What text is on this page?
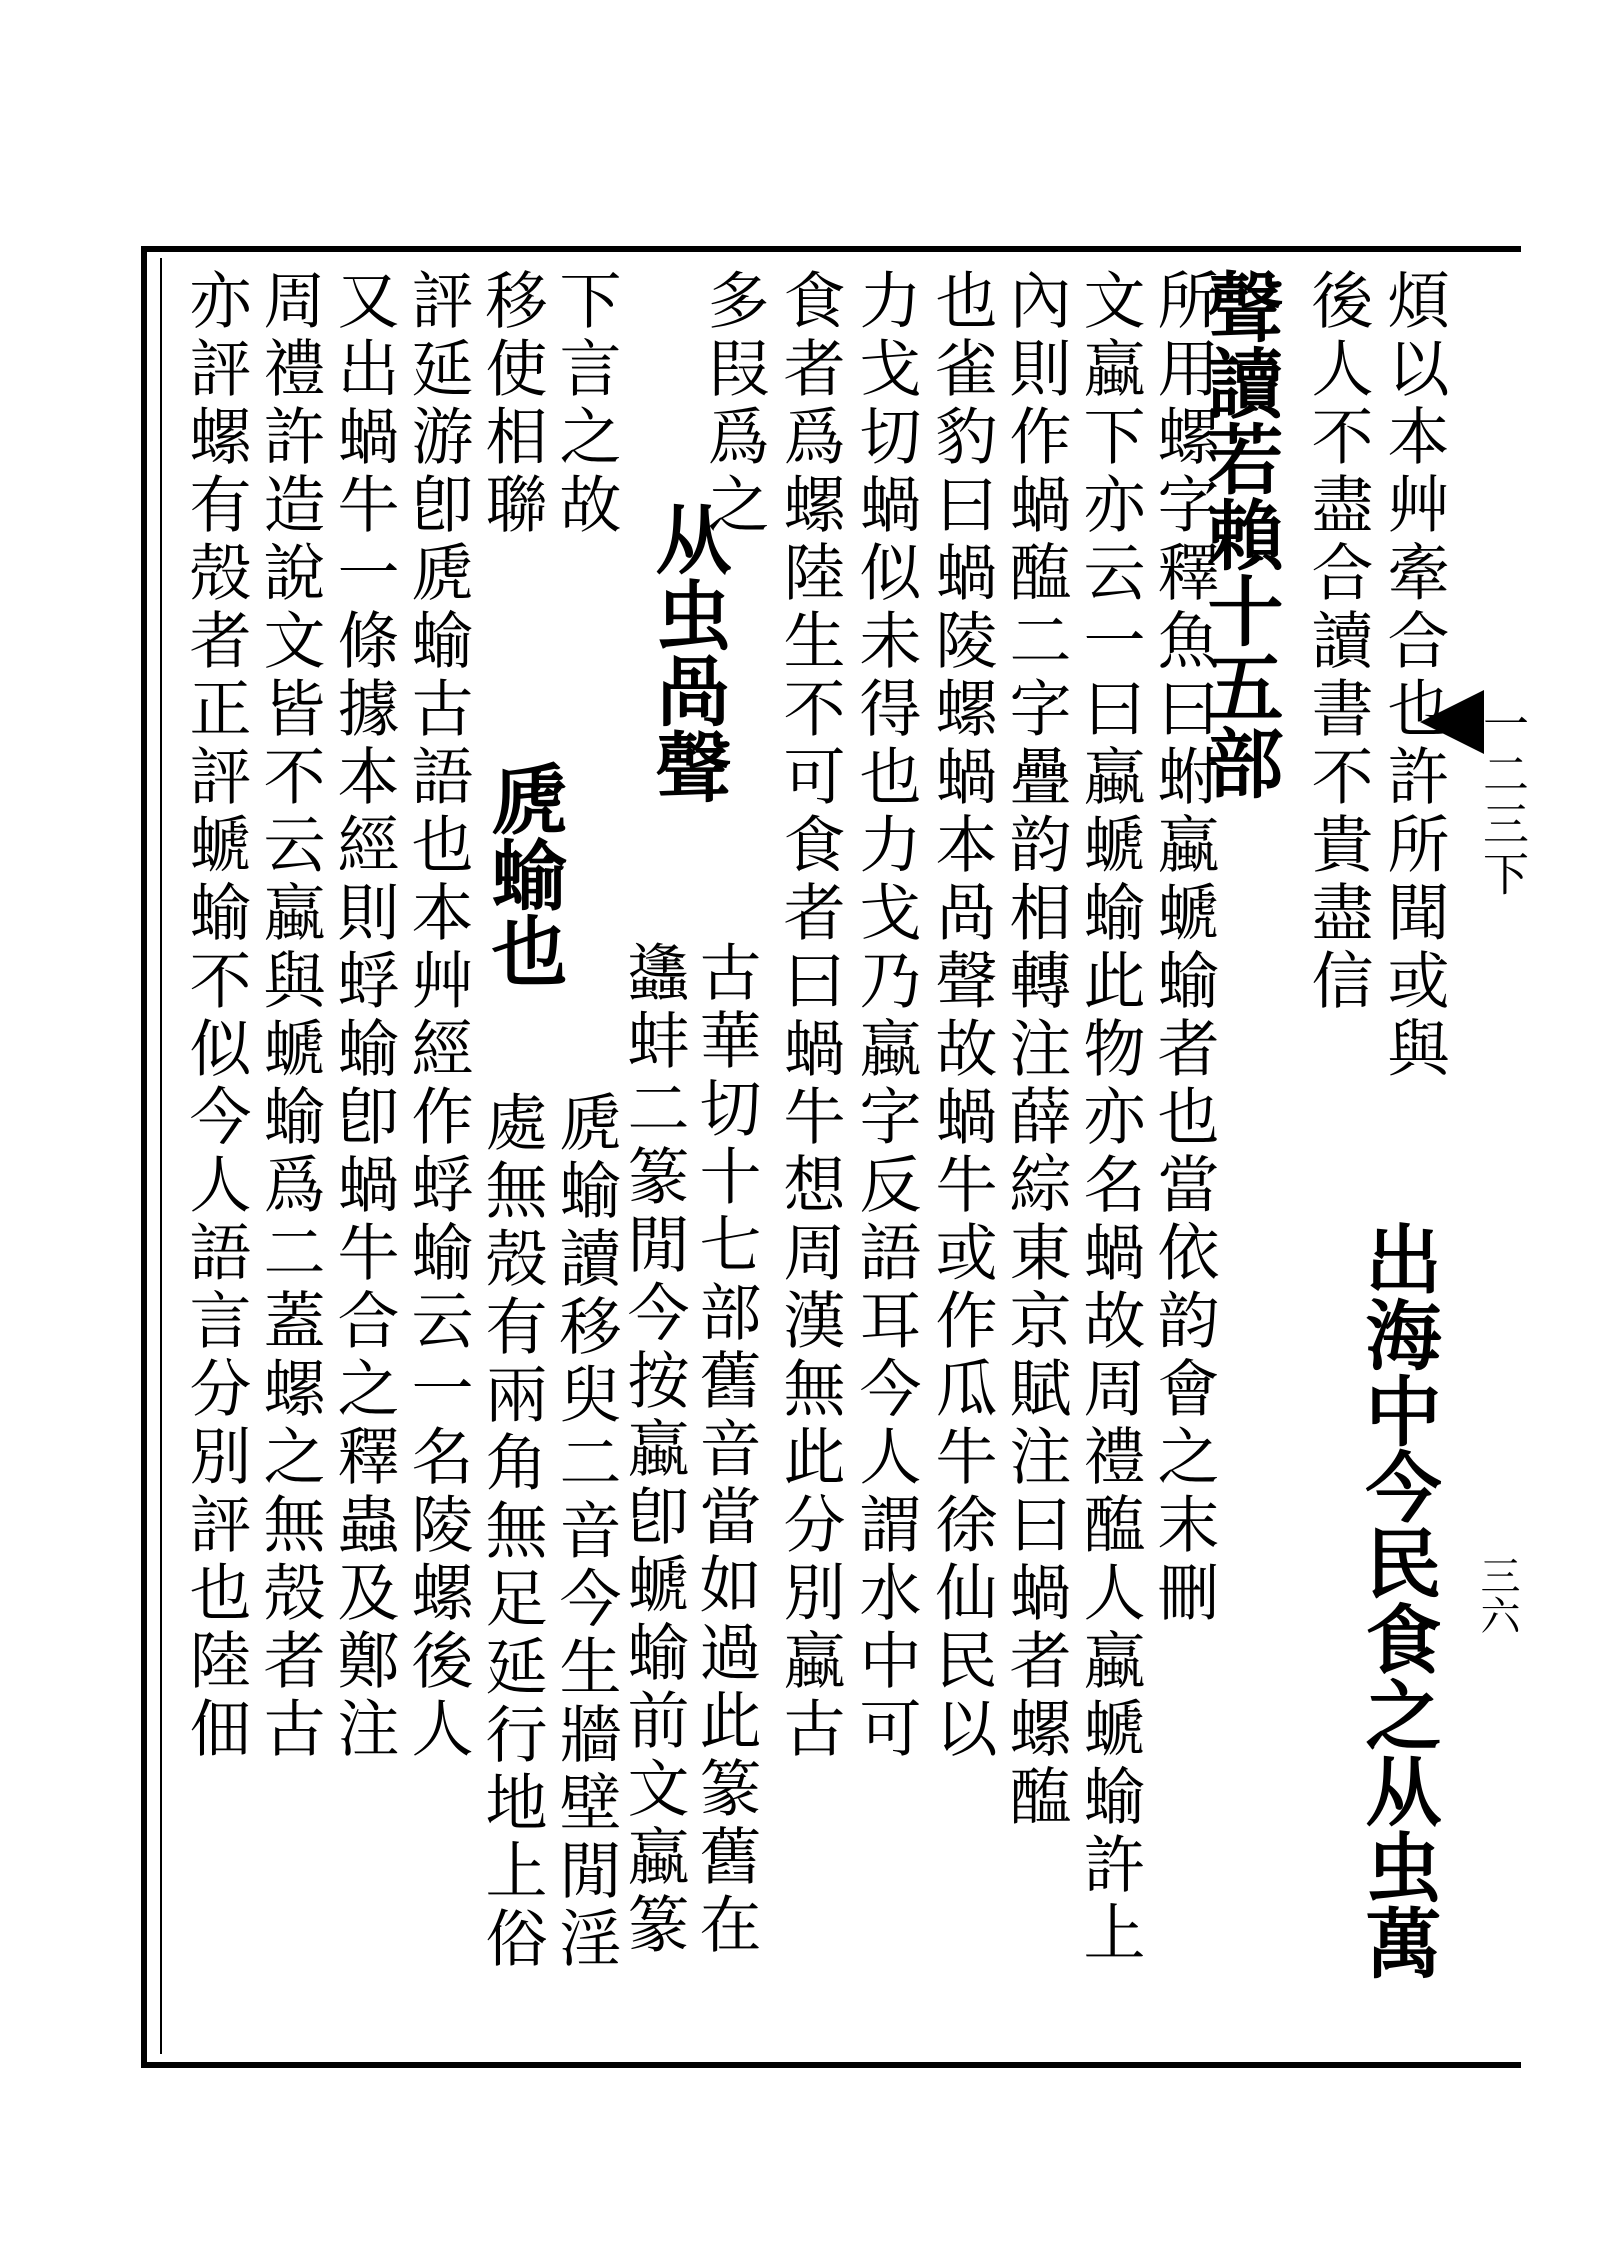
煩以本艸牽合也許所聞或與
後人不盡合讀書不貴盡信
聲讀若賴十五部
所用螺字釋魚曰蚹蠃螔蝓者也當依韵會之末刪
文蠃下亦云一曰蠃螔蝓此物亦名蝸故周禮醢人蠃螔蝓許上
內則作蝸醢二字疊韵相轉注薛綜東京賦注曰蝸者螺醢
也雀豹曰蝸陵螺蝸本咼聲故蝸牛或作瓜牛徐仙民以
力戈切蝸似未得也力戈乃蠃字反語耳今人謂水中可
食者爲螺陸生不可食者曰蝸牛想周漢無此分別蠃古	出海中今民食之从虫萬
从虫咼聲
多叚爲之
古華切十七部舊音當如過此篆舊在
蠭蚌二篆閒今按蠃卽螔蝓前文蠃篆
下言之故
移使相聯
虒蝓也
虒蝓讀移臾二音今生牆壁閒淫
處無殻有兩角無足延行地上俗
評延游卽虒蝓古語也本艸經作蜉蝓云一名陵螺後人
又出蝸牛一條據本經則蜉蝓卽蝸牛合之釋蟲及鄭注
周禮許造說文皆不云蠃與螔蝓爲二蓋螺之無殻者古
亦評螺有殻者正評螔蝓不似今人語言分別評也陸佃	一二三下
三六
